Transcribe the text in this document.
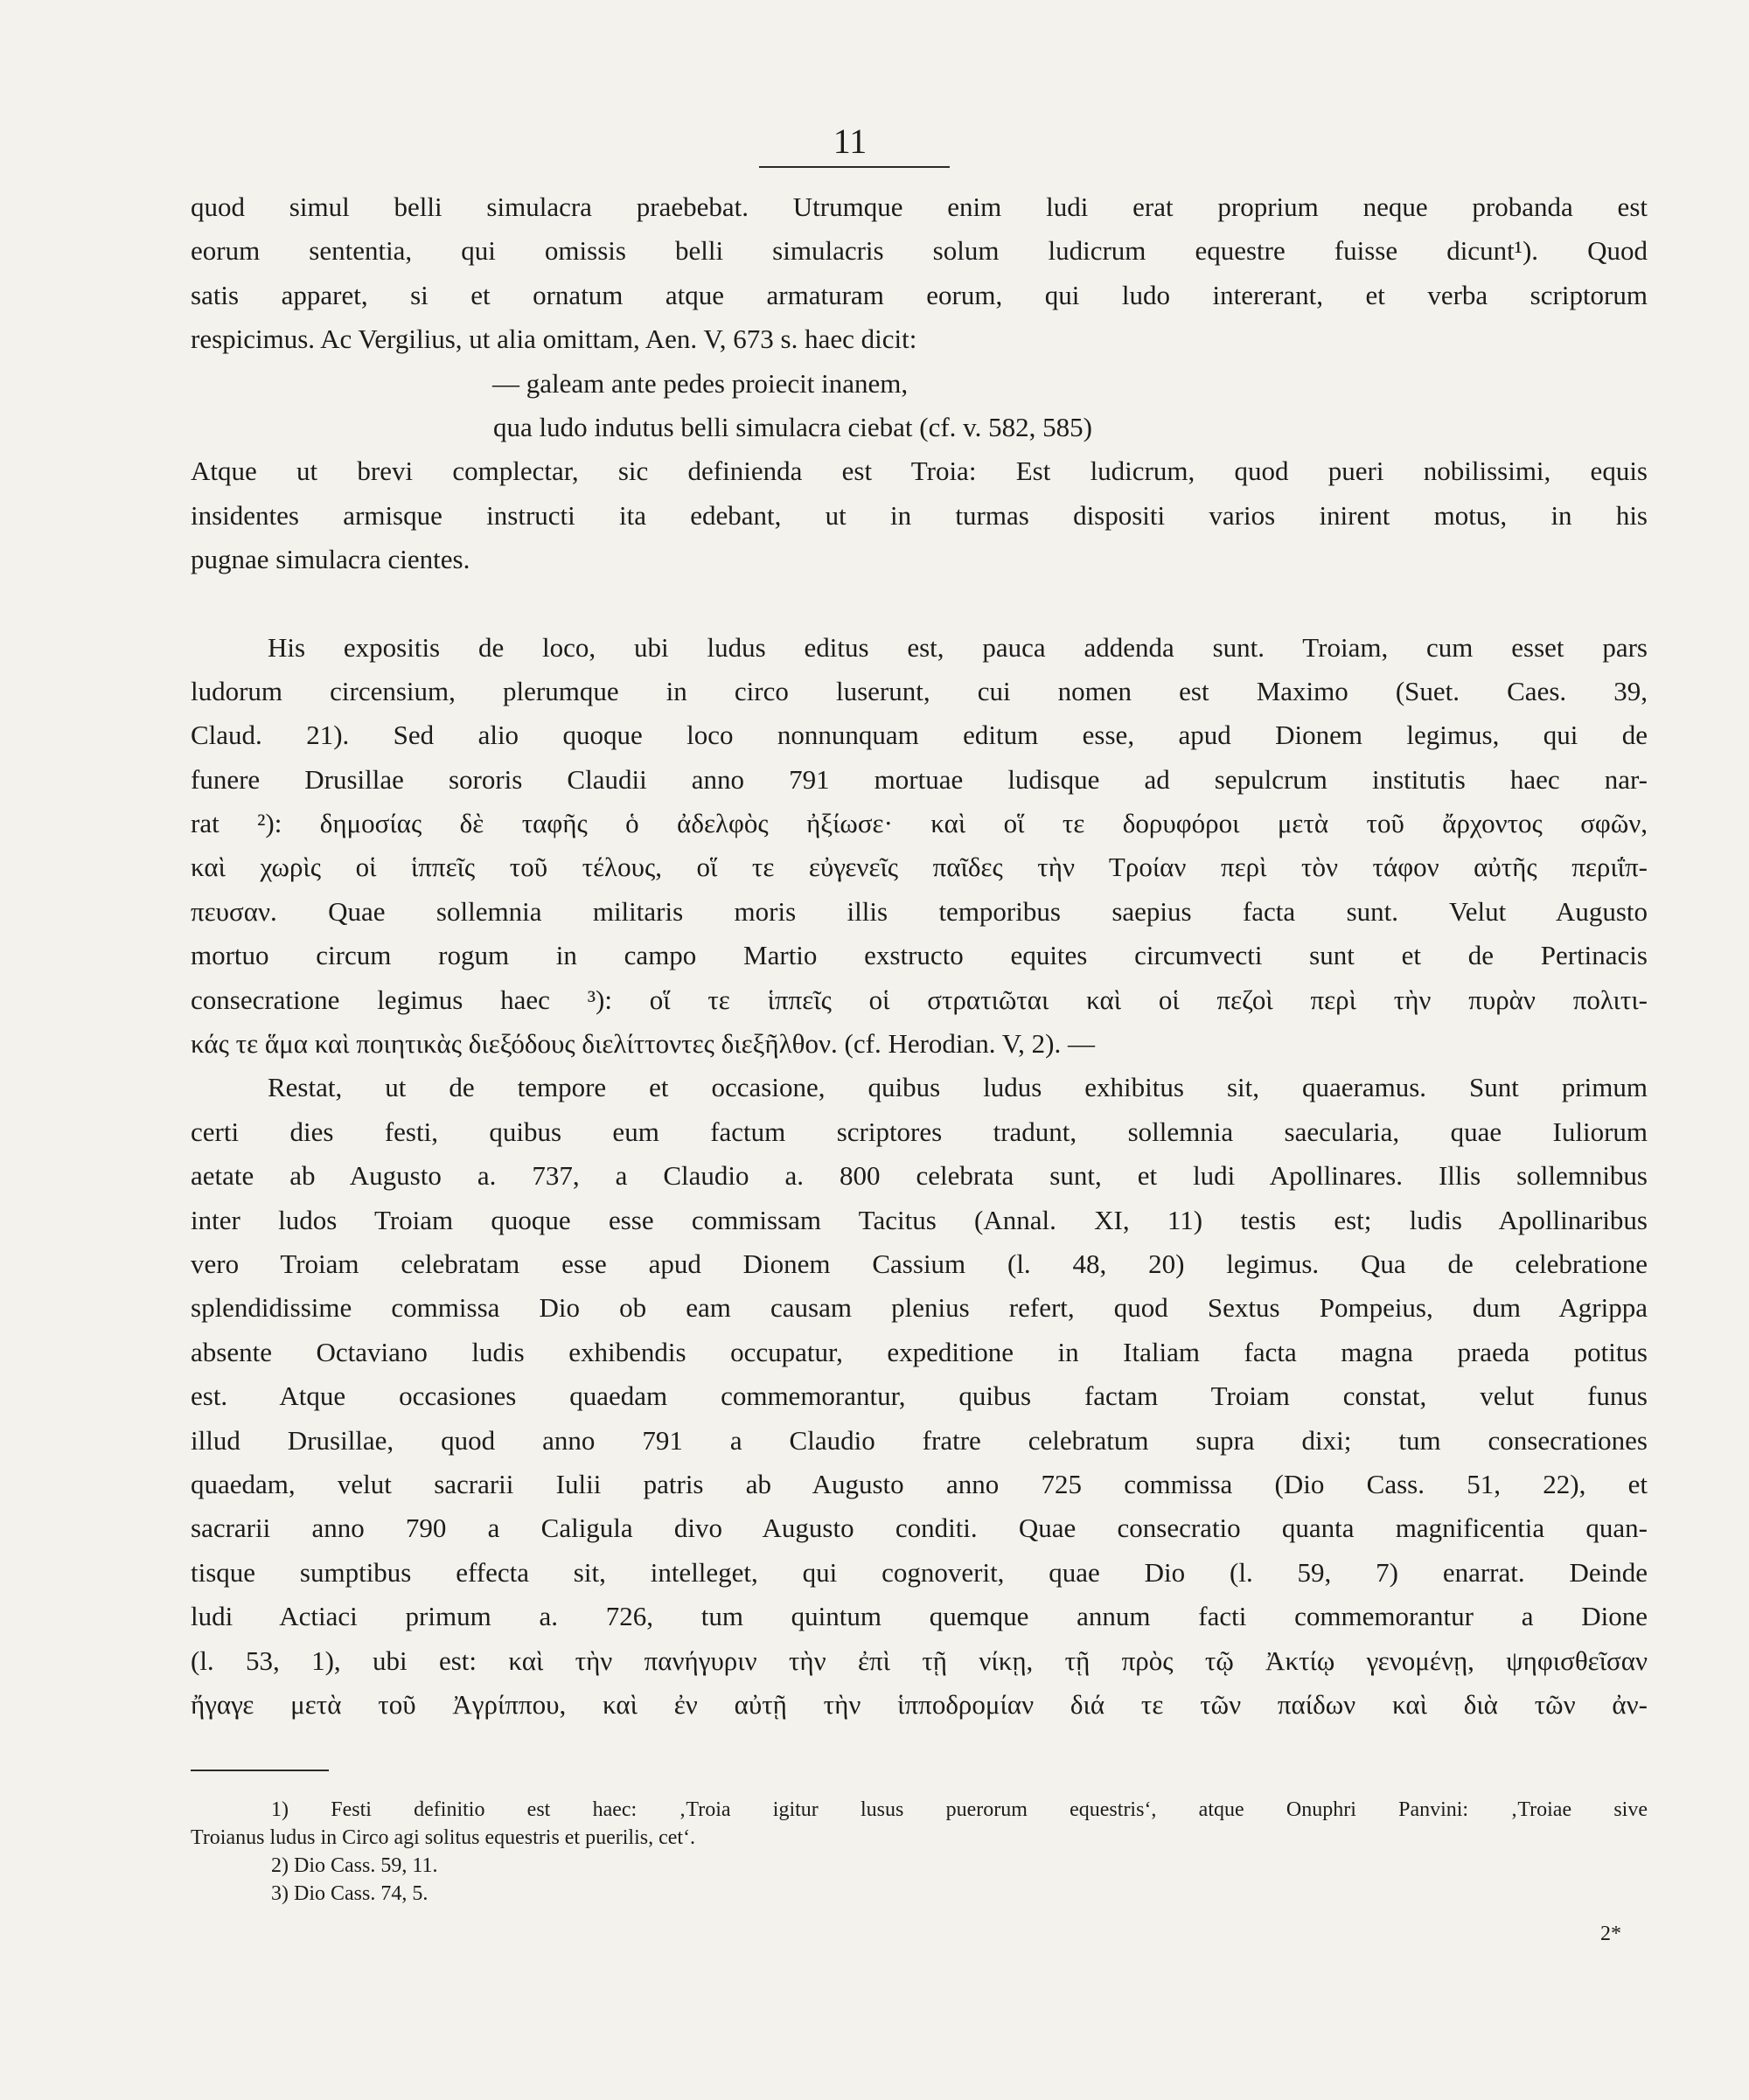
11
quod simul belli simulacra praebebat. Utrumque enim ludi erat proprium neque probanda est
eorum sententia, qui omissis belli simulacris solum ludicrum equestre fuisse dicunt¹). Quod
satis apparet, si et ornatum atque armaturam eorum, qui ludo intererant, et verba scriptorum
respicimus. Ac Vergilius, ut alia omittam, Aen. V, 673 s. haec dicit:
— galeam ante pedes proiecit inanem,
qua ludo indutus belli simulacra ciebat (cf. v. 582, 585)
Atque ut brevi complectar, sic definienda est Troia: Est ludicrum, quod pueri nobilissimi, equis
insidentes armisque instructi ita edebant, ut in turmas dispositi varios inirent motus, in his
pugnae simulacra cientes.
His expositis de loco, ubi ludus editus est, pauca addenda sunt. Troiam, cum esset pars
ludorum circensium, plerumque in circo luserunt, cui nomen est Maximo (Suet. Caes. 39,
Claud. 21). Sed alio quoque loco nonnunquam editum esse, apud Dionem legimus, qui de
funere Drusillae sororis Claudii anno 791 mortuae ludisque ad sepulcrum institutis haec nar-
rat ²): δημοσίας δὲ ταφῆς ὁ ἀδελφὸς ἠξίωσε· καὶ οἵ τε δορυφόροι μετὰ τοῦ ἄρχοντος σφῶν,
καὶ χωρὶς οἱ ἱππεῖς τοῦ τέλους, οἵ τε εὐγενεῖς παῖδες τὴν Τροίαν περὶ τὸν τάφον αὐτῆς περιΐπ-
πευσαν. Quae sollemnia militaris moris illis temporibus saepius facta sunt. Velut Augusto
mortuo circum rogum in campo Martio exstructo equites circumvecti sunt et de Pertinacis
consecratione legimus haec ³): οἵ τε ἱππεῖς οἱ στρατιῶται καὶ οἱ πεζοὶ περὶ τὴν πυρὰν πολιτι-
κάς τε ἅμα καὶ ποιητικὰς διεξόδους διελίττοντες διεξῆλθον. (cf. Herodian. V, 2). —
Restat, ut de tempore et occasione, quibus ludus exhibitus sit, quaeramus. Sunt primum
certi dies festi, quibus eum factum scriptores tradunt, sollemnia saecularia, quae Iuliorum
aetate ab Augusto a. 737, a Claudio a. 800 celebrata sunt, et ludi Apollinares. Illis sollemnibus
inter ludos Troiam quoque esse commissam Tacitus (Annal. XI, 11) testis est; ludis Apollinaribus
vero Troiam celebratam esse apud Dionem Cassium (l. 48, 20) legimus. Qua de celebratione
splendidissime commissa Dio ob eam causam plenius refert, quod Sextus Pompeius, dum Agrippa
absente Octaviano ludis exhibendis occupatur, expeditione in Italiam facta magna praeda potitus
est. Atque occasiones quaedam commemorantur, quibus factam Troiam constat, velut funus
illud Drusillae, quod anno 791 a Claudio fratre celebratum supra dixi; tum consecrationes
quaedam, velut sacrarii Iulii patris ab Augusto anno 725 commissa (Dio Cass. 51, 22), et
sacrarii anno 790 a Caligula divo Augusto conditi. Quae consecratio quanta magnificentia quan-
tisque sumptibus effecta sit, intelleget, qui cognoverit, quae Dio (l. 59, 7) enarrat. Deinde
ludi Actiaci primum a. 726, tum quintum quemque annum facti commemorantur a Dione
(l. 53, 1), ubi est: καὶ τὴν πανήγυριν τὴν ἐπὶ τῇ νίκῃ, τῇ πρὸς τῷ Ἀκτίῳ γενομένῃ, ψηφισθεῖσαν
ἤγαγε μετὰ τοῦ Ἀγρίππου, καὶ ἐν αὐτῇ τὴν ἱπποδρομίαν διά τε τῶν παίδων καὶ διὰ τῶν ἀν-
1) Festi definitio est haec: ‚Troia igitur lusus puerorum equestris‘, atque Onuphri Panvini: ‚Troiae sive
Troianus ludus in Circo agi solitus equestris et puerilis, cet‘.
2) Dio Cass. 59, 11.
3) Dio Cass. 74, 5.
2*
